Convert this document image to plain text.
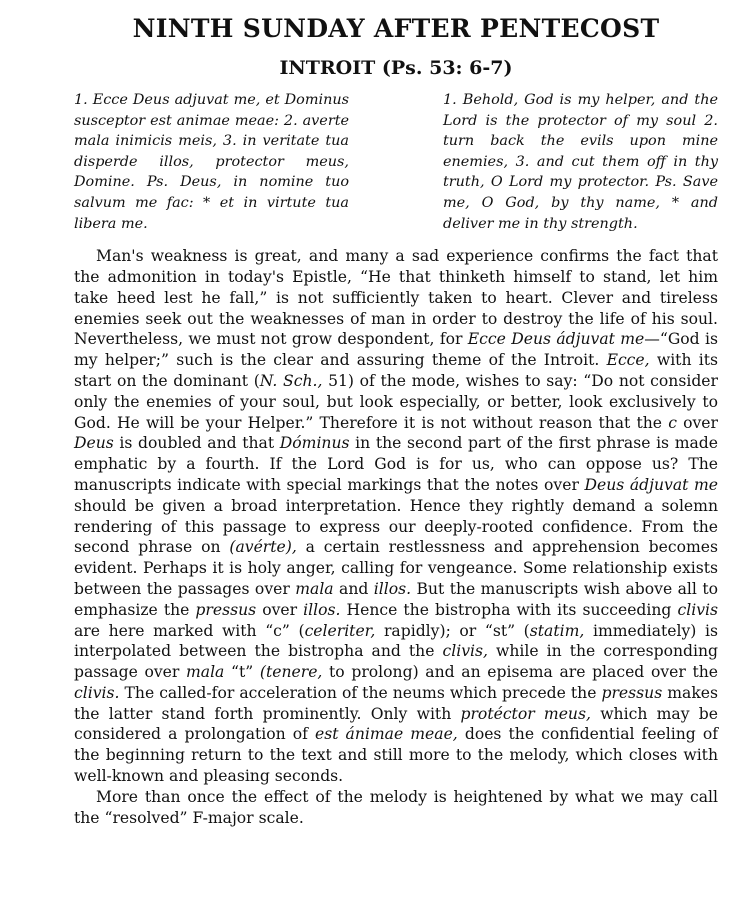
NINTH SUNDAY AFTER PENTECOST
INTROIT (Ps. 53: 6-7)
1. Ecce Deus adjuvat me, et Dominus susceptor est animae meae: 2. averte mala inimicis meis, 3. in veritate tua disperde illos, protector meus, Domine. Ps. Deus, in nomine tuo salvum me fac: * et in virtute tua libera me.
1. Behold, God is my helper, and the Lord is the protector of my soul 2. turn back the evils upon mine enemies, 3. and cut them off in thy truth, O Lord my protector. Ps. Save me, O God, by thy name, * and deliver me in thy strength.

Man's weakness is great, and many a sad experience confirms the fact that the admonition in today's Epistle, “He that thinketh himself to stand, let him take heed lest he fall,” is not sufficiently taken to heart. Clever and tireless enemies seek out the weaknesses of man in order to destroy the life of his soul. Nevertheless, we must not grow despondent, for Ecce Deus ádjuvat me—“God is my helper;” such is the clear and assuring theme of the Introit. Ecce, with its start on the dominant (N. Sch., 51) of the mode, wishes to say: “Do not consider only the enemies of your soul, but look especially, or better, look exclusively to God. He will be your Helper.” Therefore it is not without reason that the c over Deus is doubled and that Dóminus in the second part of the first phrase is made emphatic by a fourth. If the Lord God is for us, who can oppose us? The manuscripts indicate with special markings that the notes over Deus ádjuvat me should be given a broad interpretation. Hence they rightly demand a solemn rendering of this passage to express our deeply-rooted confidence. From the second phrase on (avérte), a certain restlessness and apprehension becomes evident. Perhaps it is holy anger, calling for vengeance. Some relationship exists between the passages over mala and illos. But the manuscripts wish above all to emphasize the pressus over illos. Hence the bistropha with its succeeding clivis are here marked with “c” (celeriter, rapidly); or “st” (statim, immediately) is interpolated between the bistropha and the clivis, while in the corresponding passage over mala “t” (tenere, to prolong) and an episema are placed over the clivis. The called-for acceleration of the neums which precede the pressus makes the latter stand forth prominently. Only with protéctor meus, which may be considered a prolongation of est ánimae meae, does the confidential feeling of the beginning return to the text and still more to the melody, which closes with well-known and pleasing seconds.

More than once the effect of the melody is heightened by what we may call the “resolved” F-major scale.
